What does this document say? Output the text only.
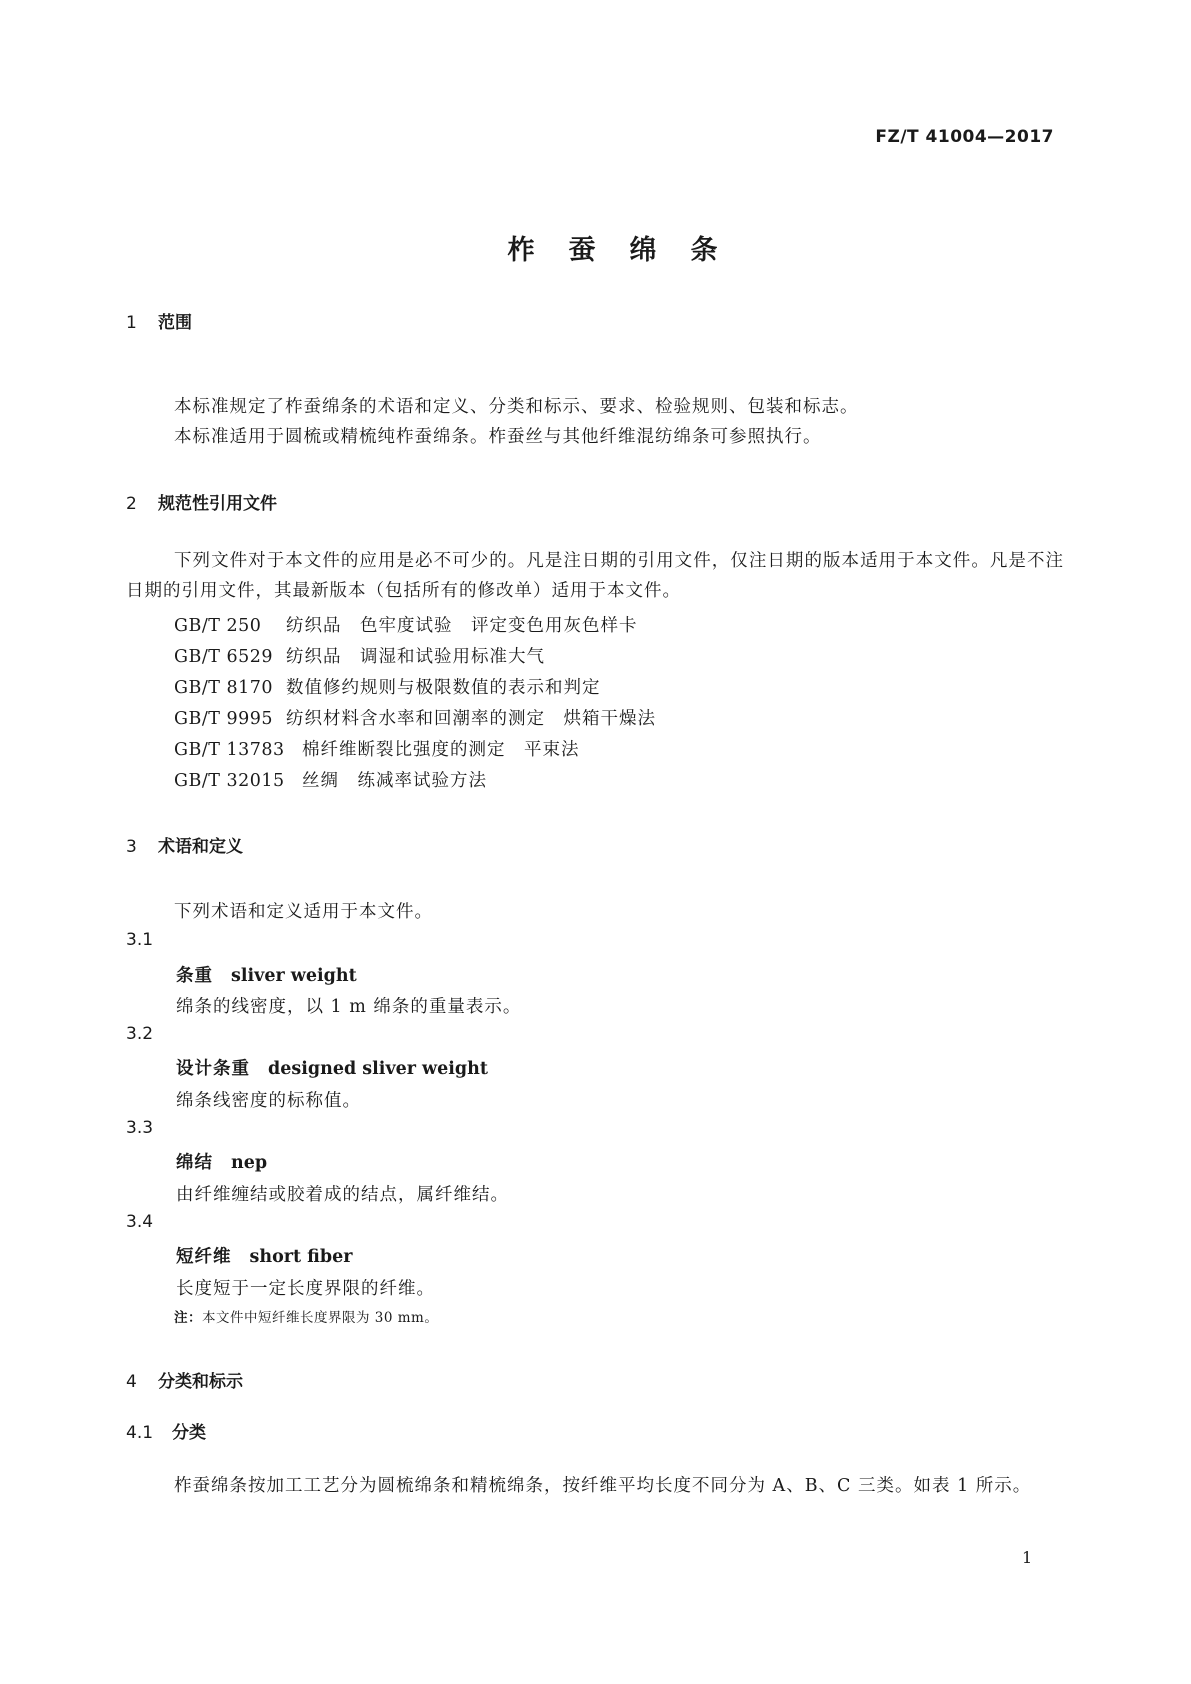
FZ/T 41004—2017
柞蚕绵条
1 范围
本标准规定了柞蚕绵条的术语和定义、分类和标示、要求、检验规则、包装和标志。
本标准适用于圆梳或精梳纯柞蚕绵条。柞蚕丝与其他纤维混纺绵条可参照执行。
2 规范性引用文件
下列文件对于本文件的应用是必不可少的。凡是注日期的引用文件，仅注日期的版本适用于本文件。凡是不注日期的引用文件，其最新版本（包括所有的修改单）适用于本文件。
GB/T 250 纺织品　色牢度试验　评定变色用灰色样卡
GB/T 6529 纺织品　调湿和试验用标准大气
GB/T 8170 数值修约规则与极限数值的表示和判定
GB/T 9995 纺织材料含水率和回潮率的测定　烘箱干燥法
GB/T 13783 棉纤维断裂比强度的测定　平束法
GB/T 32015 丝绸　练减率试验方法
3 术语和定义
下列术语和定义适用于本文件。
3.1
条重 sliver weight
绵条的线密度，以 1 m 绵条的重量表示。
3.2
设计条重 designed sliver weight
绵条线密度的标称值。
3.3
绵结 nep
由纤维缠结或胶着成的结点，属纤维结。
3.4
短纤维 short fiber
长度短于一定长度界限的纤维。
注：本文件中短纤维长度界限为 30 mm。
4 分类和标示
4.1 分类
柞蚕绵条按加工工艺分为圆梳绵条和精梳绵条，按纤维平均长度不同分为 A、B、C 三类。如表 1 所示。
1
